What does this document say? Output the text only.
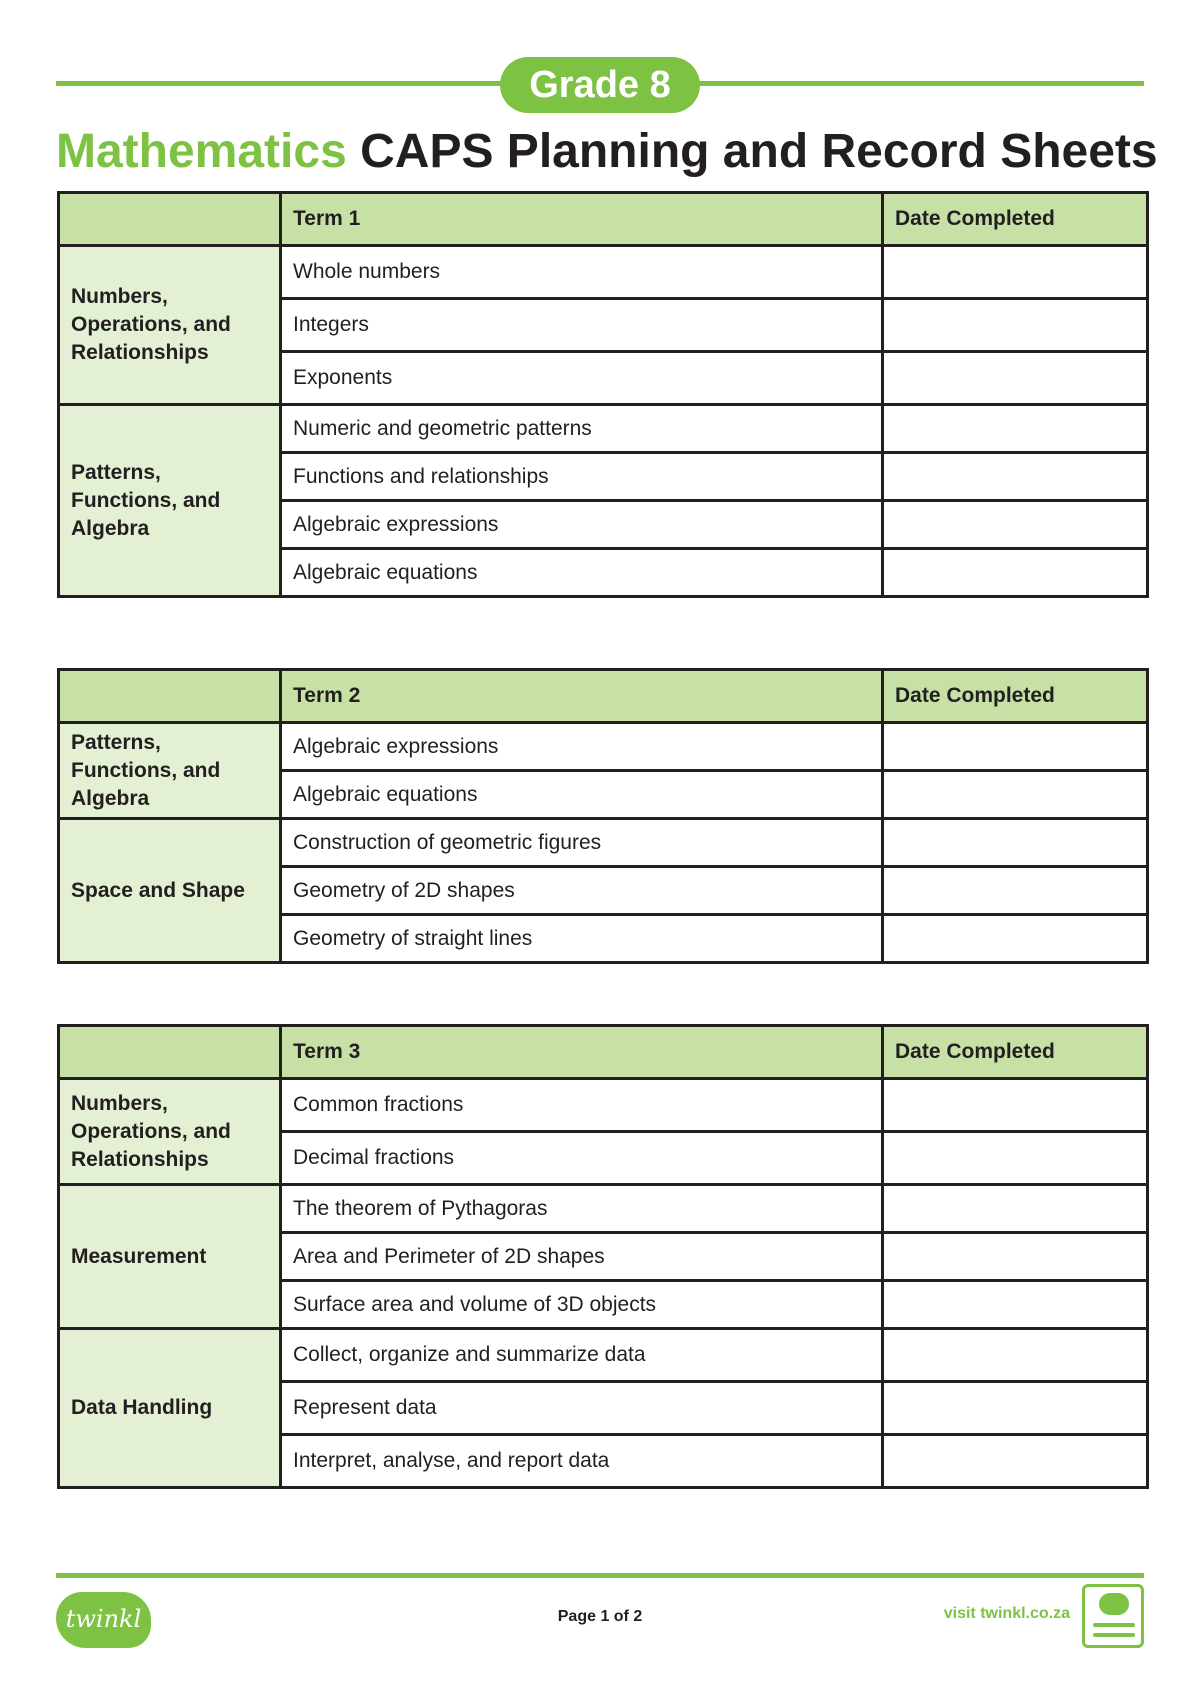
Grade 8
Mathematics CAPS Planning and Record Sheets
	Term 1	Date Completed
Numbers, Operations, and Relationships	Whole numbers	
	Integers	
	Exponents	
Patterns, Functions, and Algebra	Numeric and geometric patterns	
	Functions and relationships	
	Algebraic expressions	
	Algebraic equations	
	Term 2	Date Completed
Patterns, Functions, and Algebra	Algebraic expressions	
	Algebraic equations	
Space and Shape	Construction of geometric figures	
	Geometry of 2D shapes	
	Geometry of straight lines	
	Term 3	Date Completed
Numbers, Operations, and Relationships	Common fractions	
	Decimal fractions	
Measurement	The theorem of Pythagoras	
	Area and Perimeter of 2D shapes	
	Surface area and volume of 3D objects	
Data Handling	Collect, organize and summarize data	
	Represent data	
	Interpret, analyse, and report data	
twinkl	Page 1 of 2	visit twinkl.co.za
